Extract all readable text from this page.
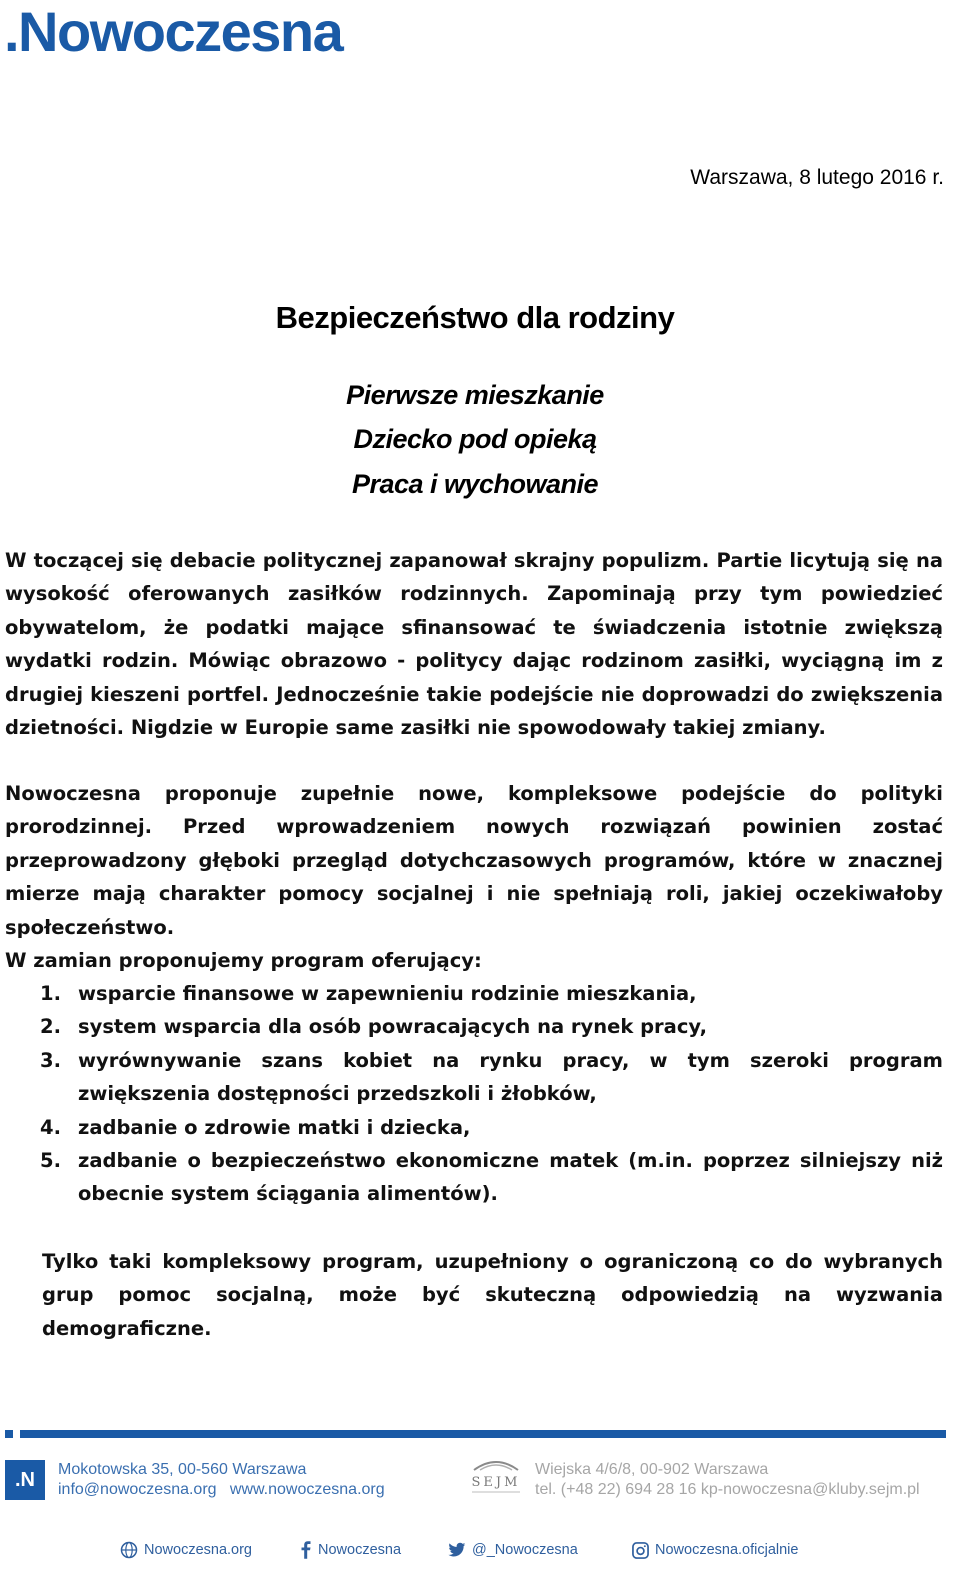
.Nowoczesna
Warszawa, 8 lutego 2016 r.
Bezpieczeństwo dla rodziny
Pierwsze mieszkanie
Dziecko pod opieką
Praca i wychowanie

W toczącej się debacie politycznej zapanował skrajny populizm. Partie licytują się na wysokość oferowanych zasiłków rodzinnych. Zapominają przy tym powiedzieć obywatelom, że podatki mające sfinansować te świadczenia istotnie zwiększą wydatki rodzin. Mówiąc obrazowo - politycy dając rodzinom zasiłki, wyciągną im z drugiej kieszeni portfel. Jednocześnie takie podejście nie doprowadzi do zwiększenia dzietności. Nigdzie w Europie same zasiłki nie spowodowały takiej zmiany.

Nowoczesna proponuje zupełnie nowe, kompleksowe podejście do polityki prorodzinnej. Przed wprowadzeniem nowych rozwiązań powinien zostać przeprowadzony głęboki przegląd dotychczasowych programów, które w znacznej mierze mają charakter pomocy socjalnej i nie spełniają roli, jakiej oczekiwałoby społeczeństwo.

W zamian proponujemy program oferujący:

1. wsparcie finansowe w zapewnieniu rodzinie mieszkania,
2. system wsparcia dla osób powracających na rynek pracy,
3. wyrównywanie szans kobiet na rynku pracy, w tym szeroki program zwiększenia dostępności przedszkoli i żłobków,
4. zadbanie o zdrowie matki i dziecka,
5. zadbanie o bezpieczeństwo ekonomiczne matek (m.in. poprzez silniejszy niż obecnie system ściągania alimentów).

Tylko taki kompleksowy program, uzupełniony o ograniczoną co do wybranych grup pomoc socjalną, może być skuteczną odpowiedzią na wyzwania demograficzne.

.N	Mokotowska 35, 00-560 Warszawa
info@nowoczesna.org   www.nowoczesna.org	SEJM
Wiejska 4/6/8, 00-902 Warszawa
tel. (+48 22) 694 28 16 kp-nowoczesna@kluby.sejm.pl
Nowoczesna.org	Nowoczesna	@_Nowoczesna	Nowoczesna.oficjalnie
